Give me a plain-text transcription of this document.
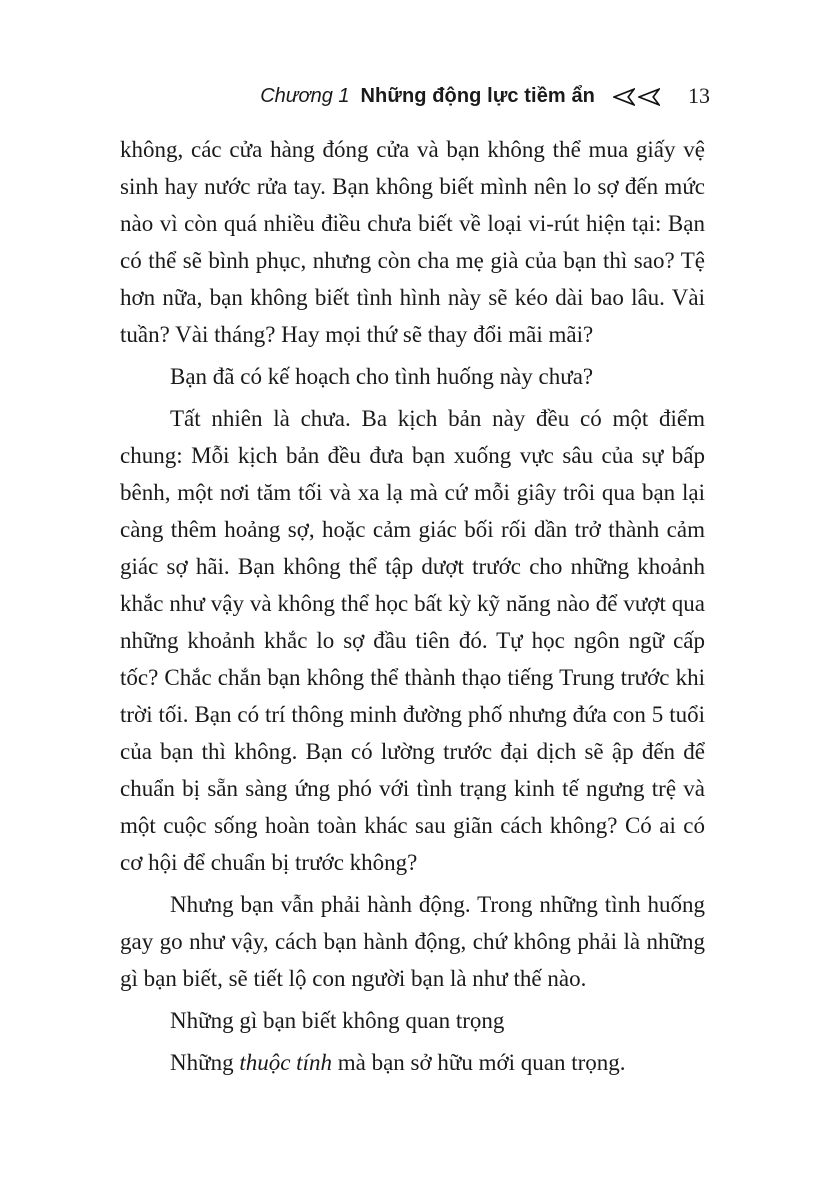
Chương 1 Những động lực tiềm ẩn	13

không, các cửa hàng đóng cửa và bạn không thể mua giấy vệ sinh hay nước rửa tay. Bạn không biết mình nên lo sợ đến mức nào vì còn quá nhiều điều chưa biết về loại vi-rút hiện tại: Bạn có thể sẽ bình phục, nhưng còn cha mẹ già của bạn thì sao? Tệ hơn nữa, bạn không biết tình hình này sẽ kéo dài bao lâu. Vài tuần? Vài tháng? Hay mọi thứ sẽ thay đổi mãi mãi?

Bạn đã có kế hoạch cho tình huống này chưa?

Tất nhiên là chưa. Ba kịch bản này đều có một điểm chung: Mỗi kịch bản đều đưa bạn xuống vực sâu của sự bấp bênh, một nơi tăm tối và xa lạ mà cứ mỗi giây trôi qua bạn lại càng thêm hoảng sợ, hoặc cảm giác bối rối dần trở thành cảm giác sợ hãi. Bạn không thể tập dượt trước cho những khoảnh khắc như vậy và không thể học bất kỳ kỹ năng nào để vượt qua những khoảnh khắc lo sợ đầu tiên đó. Tự học ngôn ngữ cấp tốc? Chắc chắn bạn không thể thành thạo tiếng Trung trước khi trời tối. Bạn có trí thông minh đường phố nhưng đứa con 5 tuổi của bạn thì không. Bạn có lường trước đại dịch sẽ ập đến để chuẩn bị sẵn sàng ứng phó với tình trạng kinh tế ngưng trệ và một cuộc sống hoàn toàn khác sau giãn cách không? Có ai có cơ hội để chuẩn bị trước không?

Nhưng bạn vẫn phải hành động. Trong những tình huống gay go như vậy, cách bạn hành động, chứ không phải là những gì bạn biết, sẽ tiết lộ con người bạn là như thế nào.

Những gì bạn biết không quan trọng

Những thuộc tính mà bạn sở hữu mới quan trọng.
